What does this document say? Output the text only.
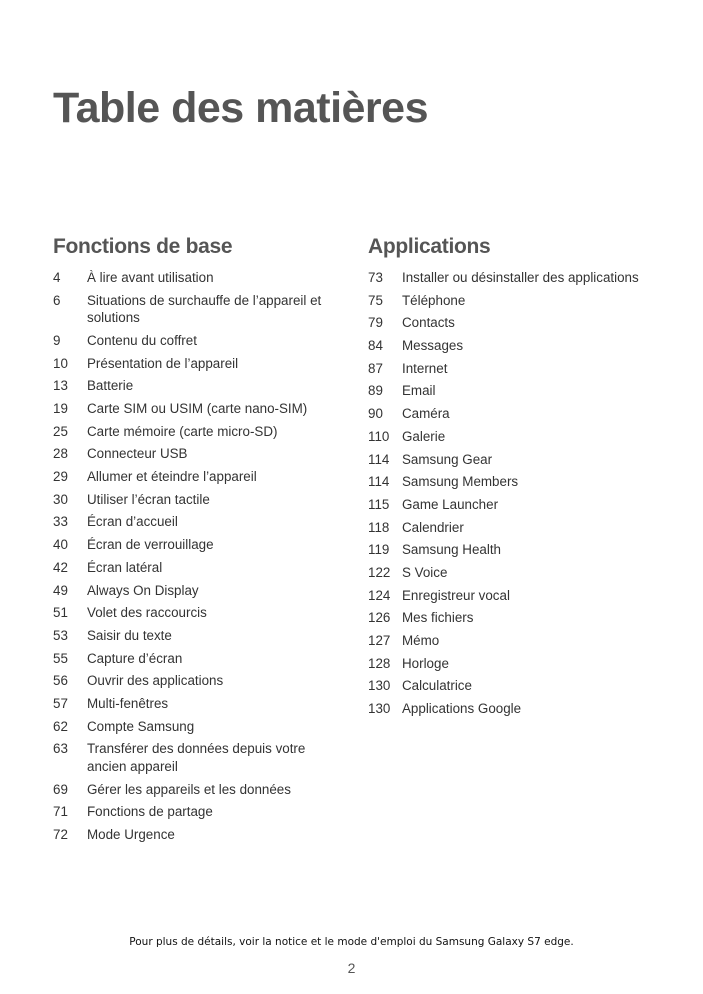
Table des matières
Fonctions de base
4	À lire avant utilisation
6	Situations de surchauffe de l’appareil et solutions
9	Contenu du coffret
10	Présentation de l’appareil
13	Batterie
19	Carte SIM ou USIM (carte nano-SIM)
25	Carte mémoire (carte micro-SD)
28	Connecteur USB
29	Allumer et éteindre l’appareil
30	Utiliser l’écran tactile
33	Écran d’accueil
40	Écran de verrouillage
42	Écran latéral
49	Always On Display
51	Volet des raccourcis
53	Saisir du texte
55	Capture d’écran
56	Ouvrir des applications
57	Multi-fenêtres
62	Compte Samsung
63	Transférer des données depuis votre ancien appareil
69	Gérer les appareils et les données
71	Fonctions de partage
72	Mode Urgence
Applications
73	Installer ou désinstaller des applications
75	Téléphone
79	Contacts
84	Messages
87	Internet
89	Email
90	Caméra
110 Galerie
114 Samsung Gear
114 Samsung Members
115 Game Launcher
118 Calendrier
119 Samsung Health
122 S Voice
124 Enregistreur vocal
126 Mes fichiers
127 Mémo
128 Horloge
130 Calculatrice
130 Applications Google
Pour plus de détails, voir la notice et le mode d'emploi du Samsung Galaxy S7 edge.
2
